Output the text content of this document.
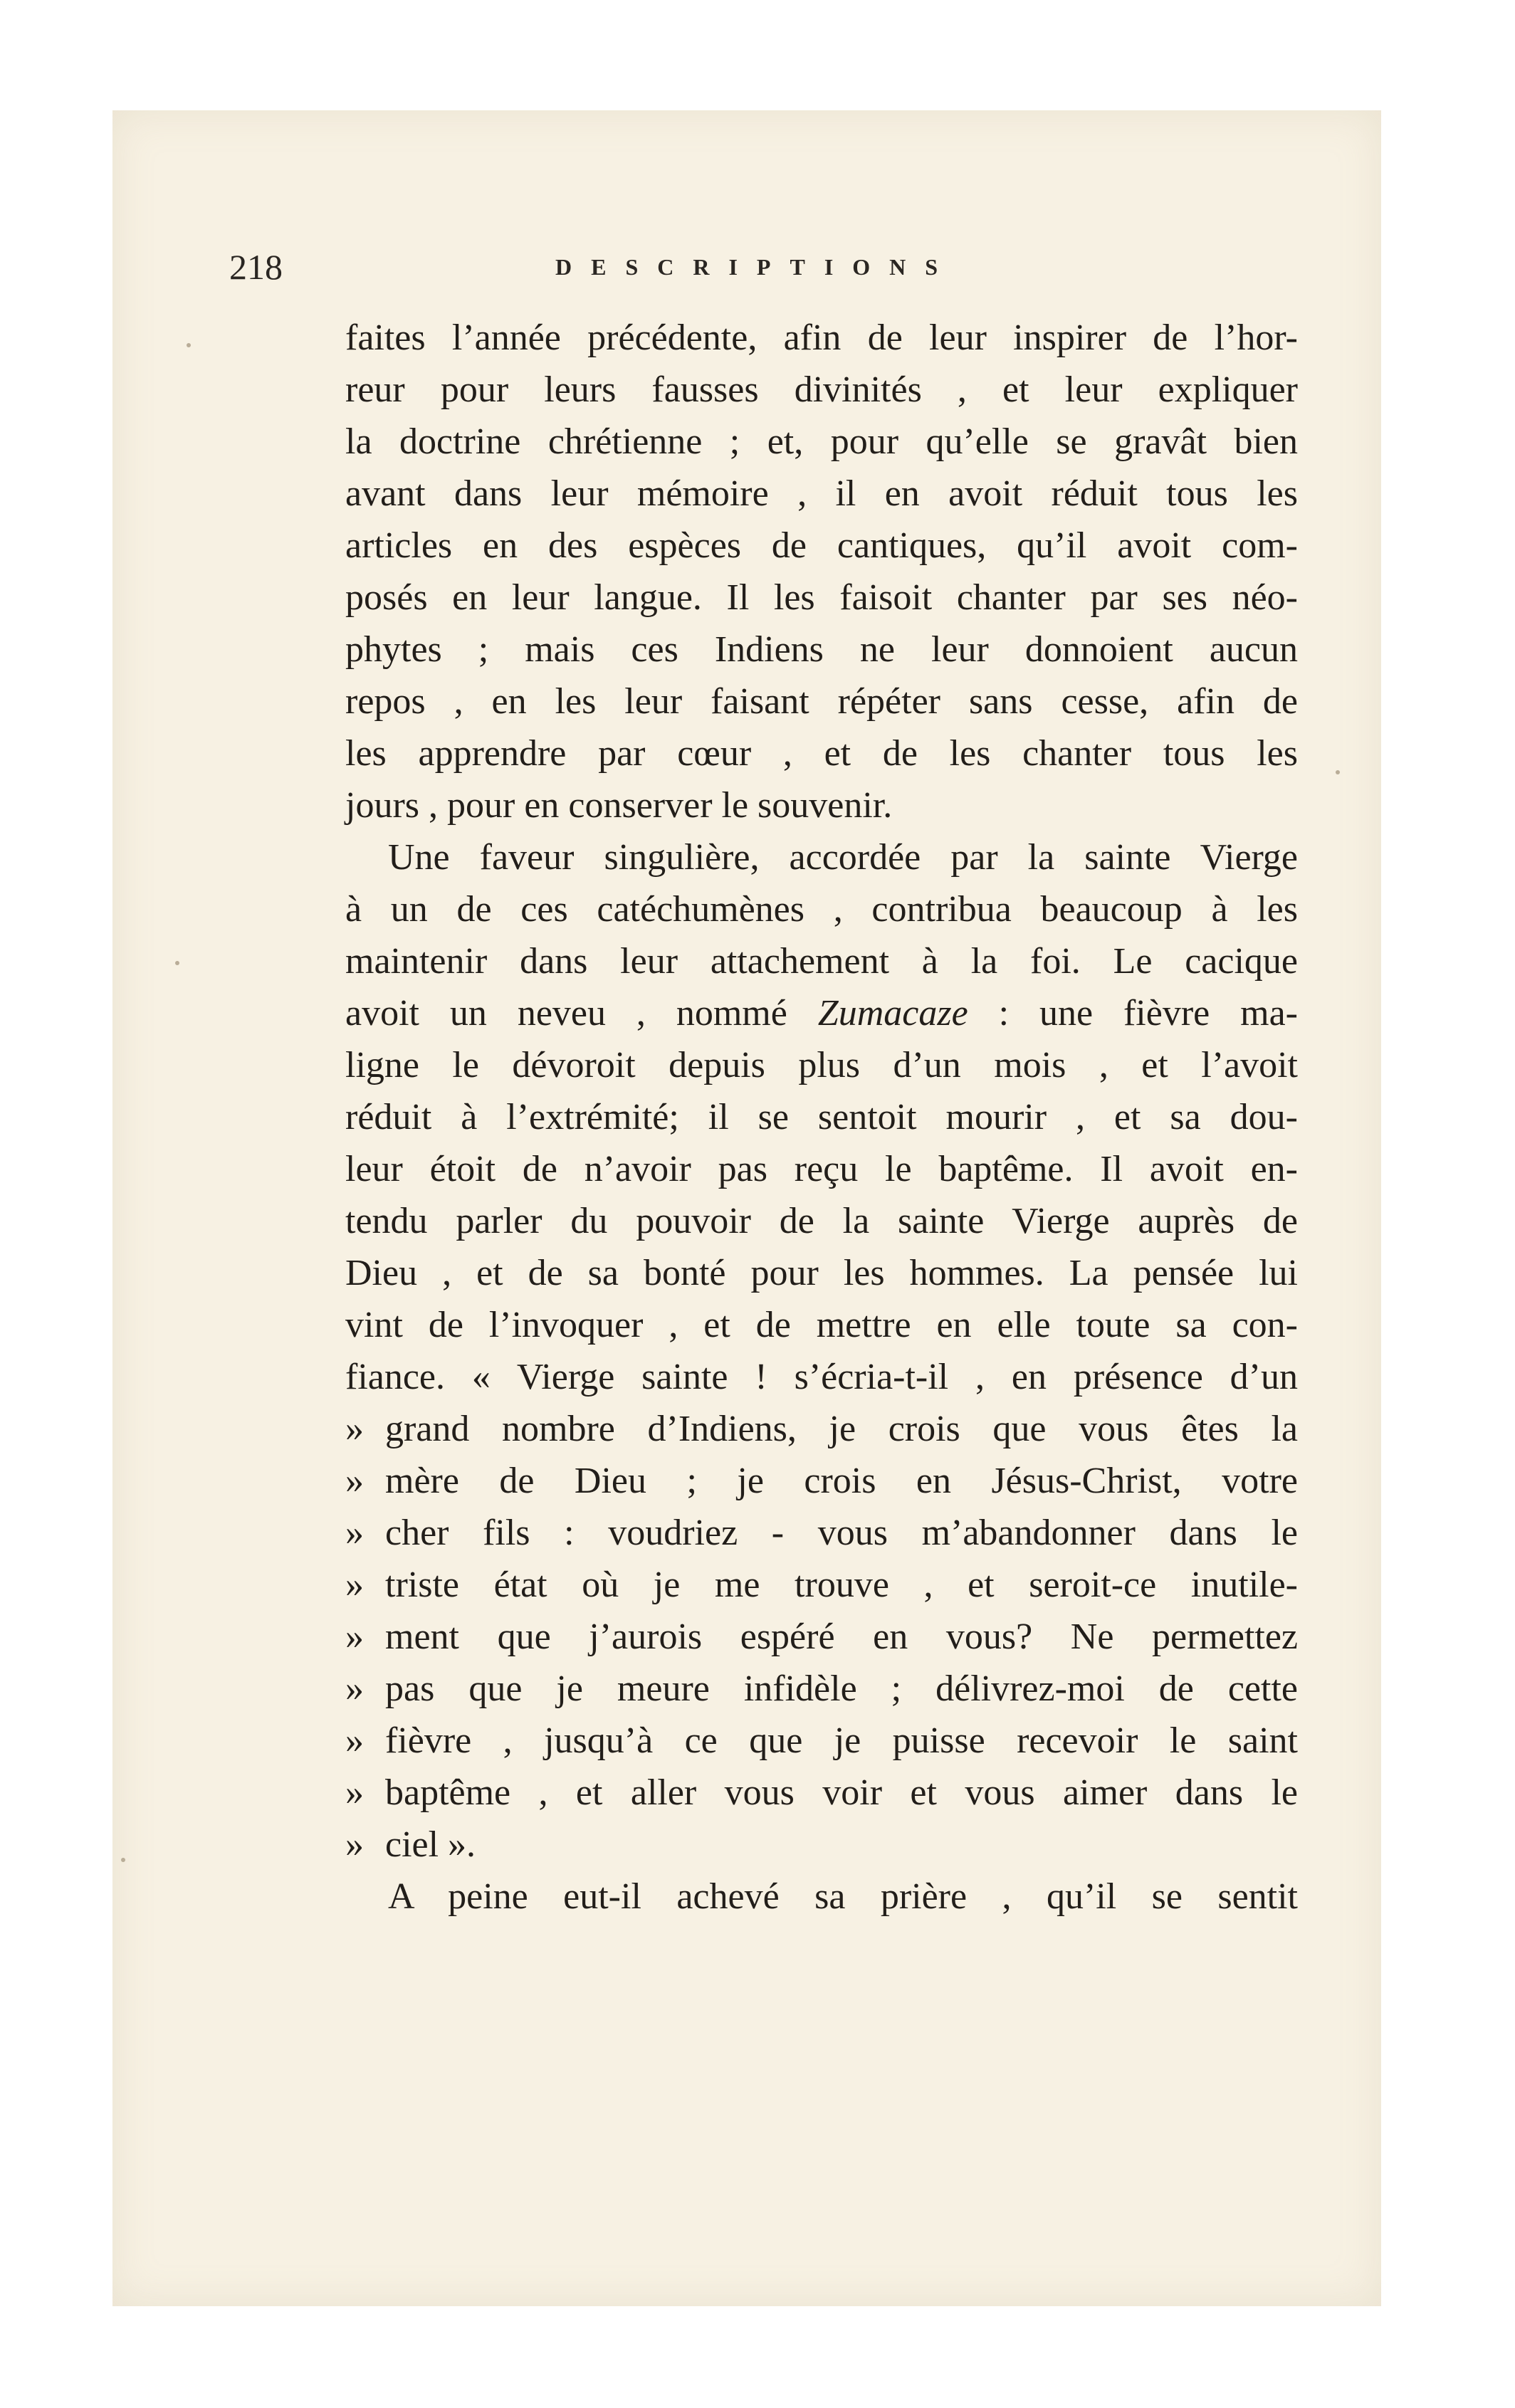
218	DESCRIPTIONS
faites l’année précédente, afin de leur inspirer de l’hor-
reur pour leurs fausses divinités , et leur expliquer
la doctrine chrétienne ; et, pour qu’elle se gravât bien
avant dans leur mémoire , il en avoit réduit tous les
articles en des espèces de cantiques, qu’il avoit com-
posés en leur langue. Il les faisoit chanter par ses néo-
phytes ; mais ces Indiens ne leur donnoient aucun
repos , en les leur faisant répéter sans cesse, afin de
les apprendre par cœur , et de les chanter tous les
jours , pour en conserver le souvenir.
Une faveur singulière, accordée par la sainte Vierge
à un de ces catéchumènes , contribua beaucoup à les
maintenir dans leur attachement à la foi. Le cacique
avoit un neveu , nommé Zumacaze : une fièvre ma-
ligne le dévoroit depuis plus d’un mois , et l’avoit
réduit à l’extrémité; il se sentoit mourir , et sa dou-
leur étoit de n’avoir pas reçu le baptême. Il avoit en-
tendu parler du pouvoir de la sainte Vierge auprès de
Dieu , et de sa bonté pour les hommes. La pensée lui
vint de l’invoquer , et de mettre en elle toute sa con-
fiance. « Vierge sainte ! s’écria-t-il , en présence d’un
» grand nombre d’Indiens, je crois que vous êtes la
» mère de Dieu ; je crois en Jésus-Christ, votre
» cher fils : voudriez - vous m’abandonner dans le
» triste état où je me trouve , et seroit-ce inutile-
» ment que j’aurois espéré en vous? Ne permettez
» pas que je meure infidèle ; délivrez-moi de cette
» fièvre , jusqu’à ce que je puisse recevoir le saint
» baptême , et aller vous voir et vous aimer dans le
» ciel ».
A peine eut-il achevé sa prière , qu’il se sentit
